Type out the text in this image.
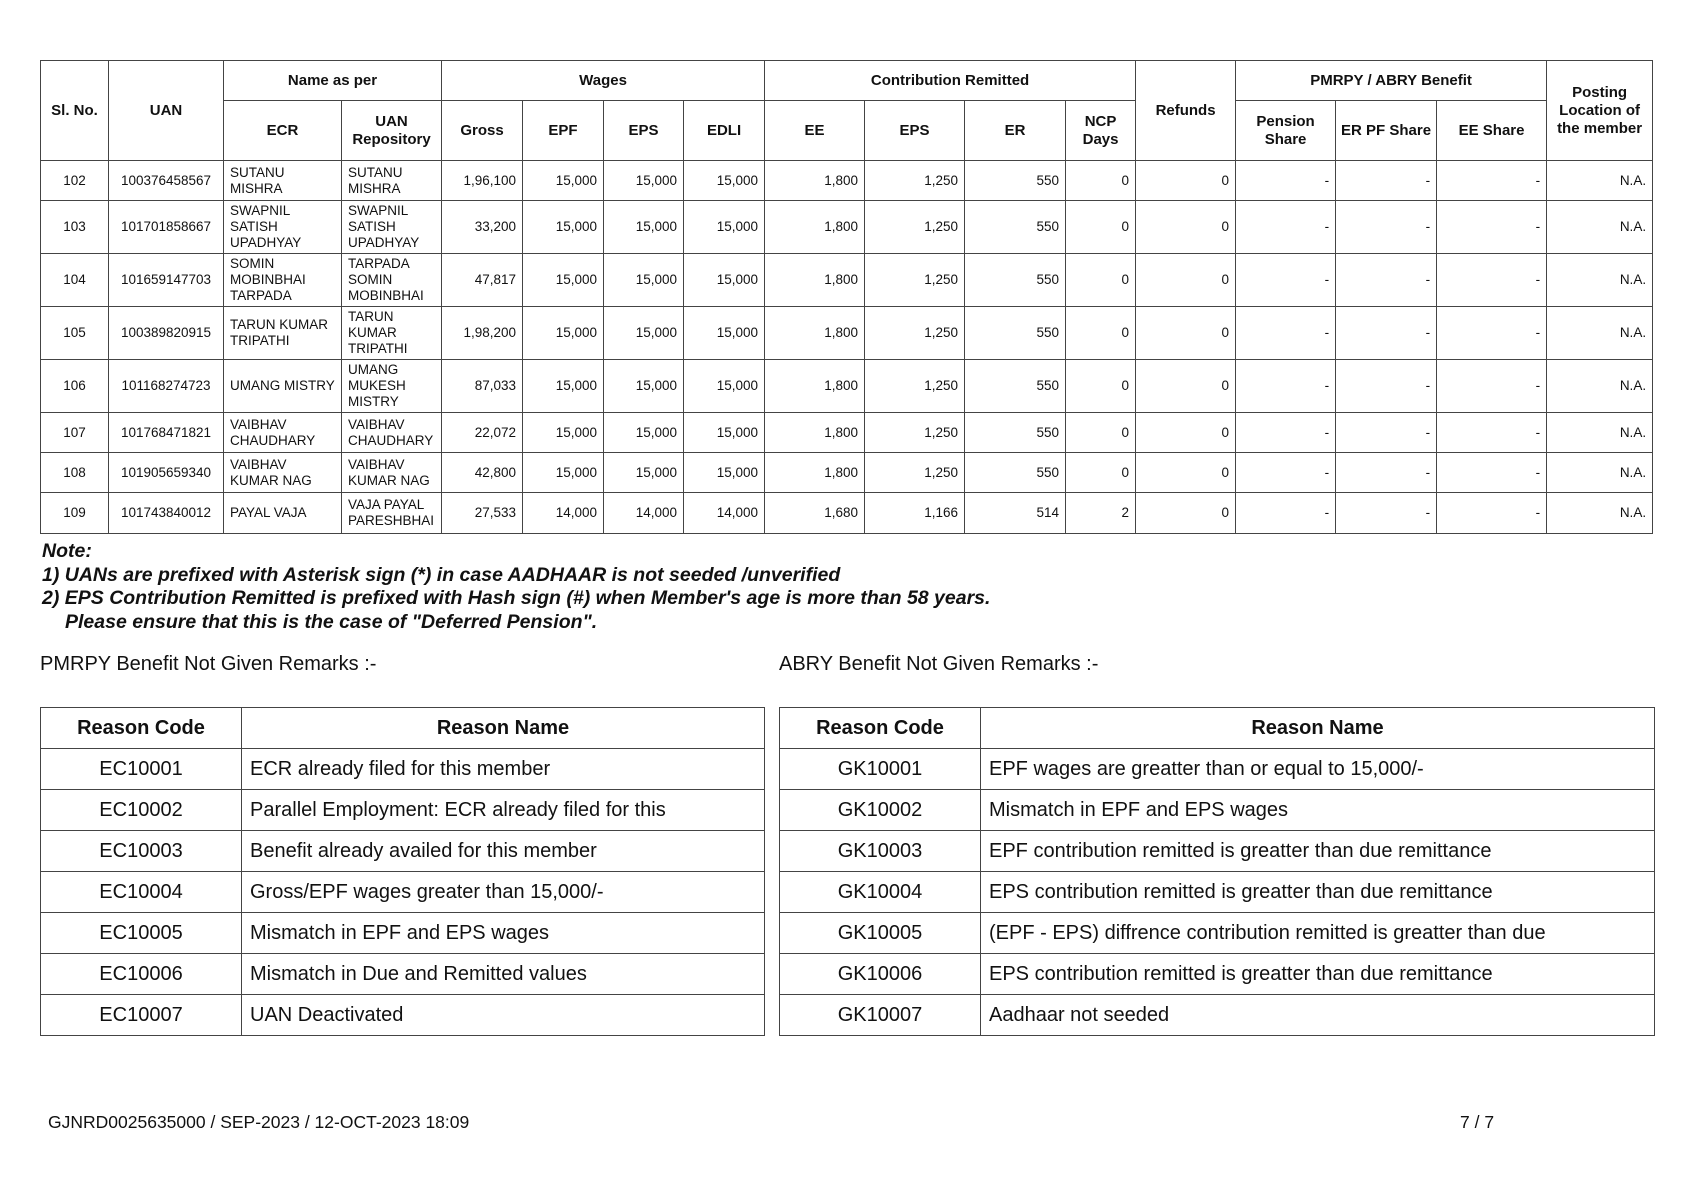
Sl. No.	UAN	Name as per		Wages				Contribution Remitted				Refunds	PMRPY / ABRY Benefit			Posting Location of the member
		ECR	UAN Repository	Gross	EPF	EPS	EDLI	EE	EPS	ER	NCP Days		Pension Share	ER PF Share	EE Share	
102	100376458567	SUTANU MISHRA	SUTANU MISHRA	1,96,100	15,000	15,000	15,000	1,800	1,250	550	0	0	-	-	-	N.A.
103	101701858667	SWAPNIL SATISH UPADHYAY	SWAPNIL SATISH UPADHYAY	33,200	15,000	15,000	15,000	1,800	1,250	550	0	0	-	-	-	N.A.
104	101659147703	SOMIN MOBINBHAI TARPADA	TARPADA SOMIN MOBINBHAI	47,817	15,000	15,000	15,000	1,800	1,250	550	0	0	-	-	-	N.A.
105	100389820915	TARUN KUMAR TRIPATHI	TARUN KUMAR TRIPATHI	1,98,200	15,000	15,000	15,000	1,800	1,250	550	0	0	-	-	-	N.A.
106	101168274723	UMANG MISTRY	UMANG MUKESH MISTRY	87,033	15,000	15,000	15,000	1,800	1,250	550	0	0	-	-	-	N.A.
107	101768471821	VAIBHAV CHAUDHARY	VAIBHAV CHAUDHARY	22,072	15,000	15,000	15,000	1,800	1,250	550	0	0	-	-	-	N.A.
108	101905659340	VAIBHAV KUMAR NAG	VAIBHAV KUMAR NAG	42,800	15,000	15,000	15,000	1,800	1,250	550	0	0	-	-	-	N.A.
109	101743840012	PAYAL VAJA	VAJA PAYAL PARESHBHAI	27,533	14,000	14,000	14,000	1,680	1,166	514	2	0	-	-	-	N.A.
Note:
1) UANs are prefixed with Asterisk sign (*) in case AADHAAR is not seeded /unverified
2) EPS Contribution Remitted is prefixed with Hash sign (#) when Member's age is more than 58 years.
Please ensure that this is the case of "Deferred Pension".
PMRPY Benefit Not Given Remarks :-	ABRY Benefit Not Given Remarks :-
Reason Code	Reason Name
EC10001	ECR already filed for this member
EC10002	Parallel Employment: ECR already filed for this
EC10003	Benefit already availed for this member
EC10004	Gross/EPF wages greater than 15,000/-
EC10005	Mismatch in EPF and EPS wages
EC10006	Mismatch in Due and Remitted values
EC10007	UAN Deactivated
Reason Code	Reason Name
GK10001	EPF wages are greatter than or equal to 15,000/-
GK10002	Mismatch in EPF and EPS wages
GK10003	EPF contribution remitted is greatter than due remittance
GK10004	EPS contribution remitted is greatter than due remittance
GK10005	(EPF - EPS) diffrence contribution remitted is greatter than due
GK10006	EPS contribution remitted is greatter than due remittance
GK10007	Aadhaar not seeded
GJNRD0025635000 / SEP-2023 / 12-OCT-2023 18:09	7 / 7
